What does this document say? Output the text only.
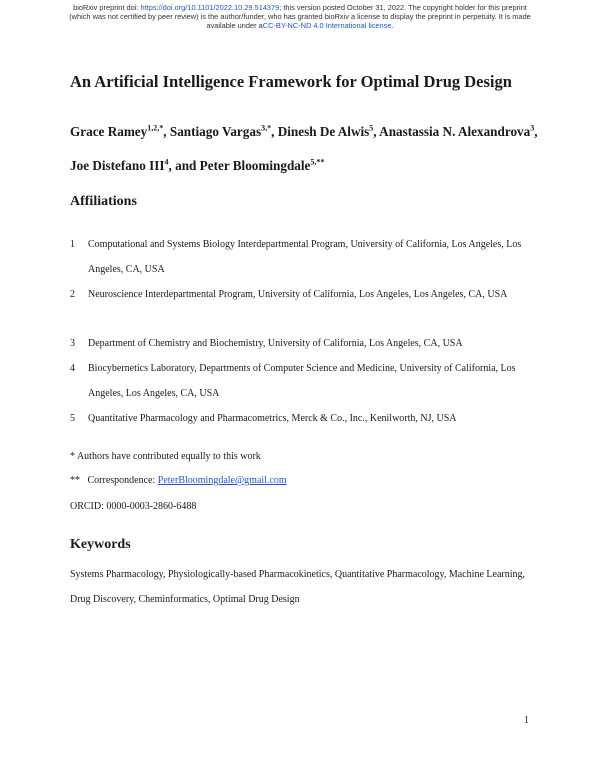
bioRxiv preprint doi: https://doi.org/10.1101/2022.10.29.514379; this version posted October 31, 2022. The copyright holder for this preprint
(which was not certified by peer review) is the author/funder, who has granted bioRxiv a license to display the preprint in perpetuity. It is made
available under aCC-BY-NC-ND 4.0 International license.
An Artificial Intelligence Framework for Optimal Drug Design
Grace Ramey$^{1,2,*}$, Santiago Vargas$^{3,*}$, Dinesh De Alwis$^5$, Anastassia N. Alexandrova$^3$, Joe Distefano III$^4$, and Peter Bloomingdale$^{5,**}$
Affiliations
1 Computational and Systems Biology Interdepartmental Program, University of California, Los Angeles, Los Angeles, CA, USA
2 Neuroscience Interdepartmental Program, University of California, Los Angeles, Los Angeles, CA, USA
3 Department of Chemistry and Biochemistry, University of California, Los Angeles, CA, USA
4 Biocybernetics Laboratory, Departments of Computer Science and Medicine, University of California, Los Angeles, Los Angeles, CA, USA
5 Quantitative Pharmacology and Pharmacometrics, Merck & Co., Inc., Kenilworth, NJ, USA
* Authors have contributed equally to this work
**   Correspondence: PeterBloomingdale@gmail.com
ORCID: 0000-0003-2860-6488
Keywords
Systems Pharmacology, Physiologically-based Pharmacokinetics, Quantitative Pharmacology, Machine Learning, Drug Discovery, Cheminformatics, Optimal Drug Design
1
